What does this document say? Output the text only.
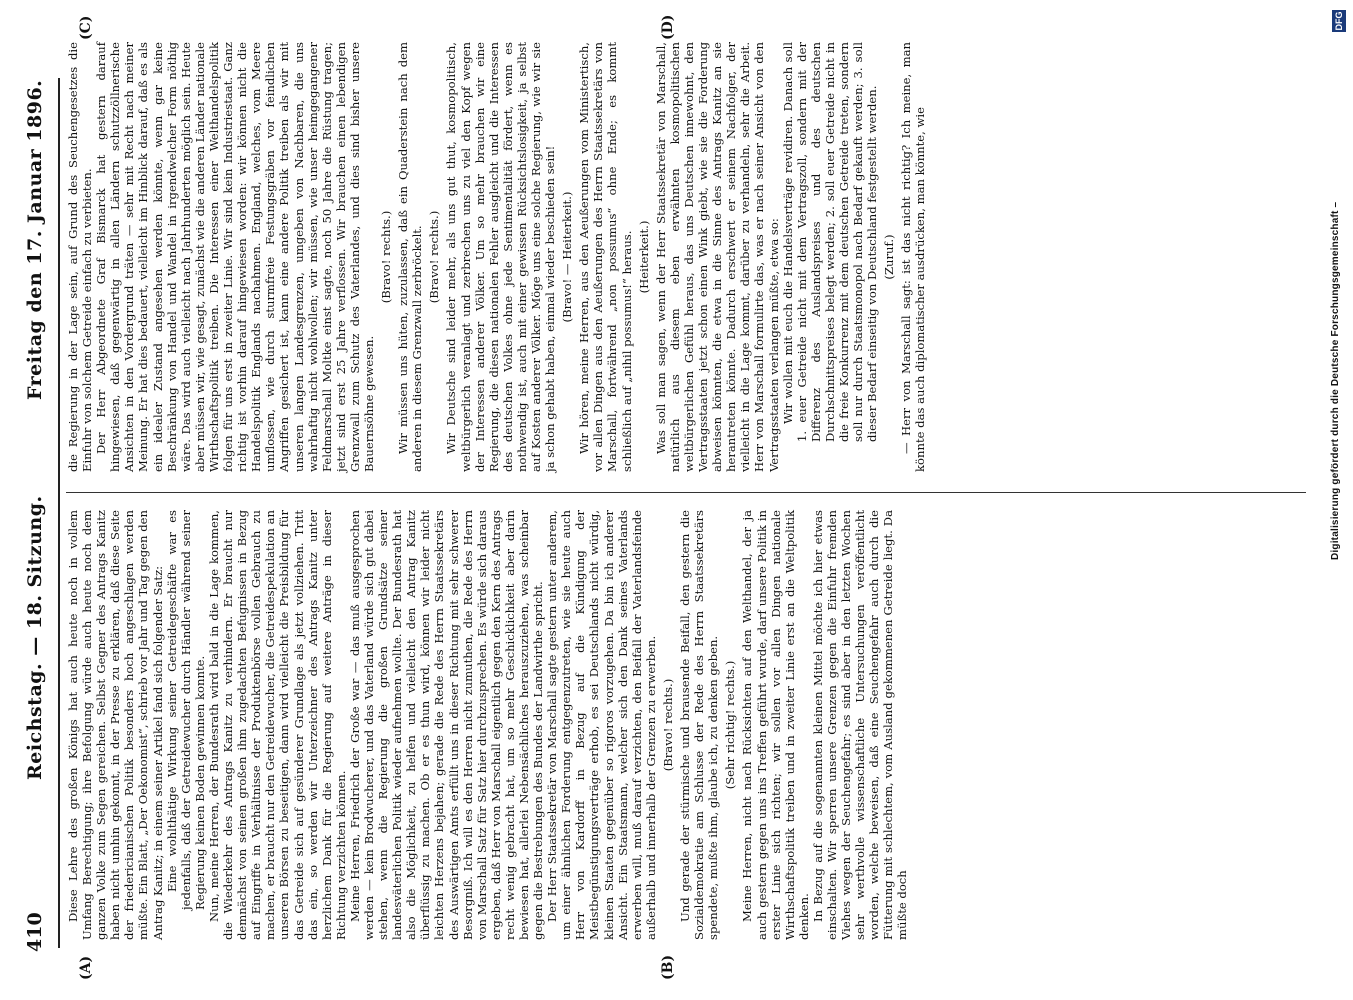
410
Reichstag. — 18. Sitzung.
Freitag den 17. Januar 1896.
(A)	(B)
(C)	(D)

Diese Lehre des großen Königs hat auch heute noch in vollem Umfang Berechtigung; ihre Befolgung würde auch heute noch dem ganzen Volke zum Segen gereichen. Selbst Gegner des Antrags Kanitz haben nicht umhin gekonnt, in der Presse zu erklären, daß diese Seite der friedericianischen Politik besonders hoch angeschlagen werden müßte. Ein Blatt, „Der Oekonomist“, schrieb vor Jahr und Tag gegen den Antrag Kanitz; in einem seiner Artikel fand sich folgender Satz: Eine wohlthätige Wirkung seiner Getreidegeschäfte war es jedenfalls, daß der Getreidewucher durch Händler während seiner Regierung keinen Boden gewinnen konnte. Nun, meine Herren, der Bundesrath wird bald in die Lage kommen, die Wiederkehr des Antrags Kanitz zu verhindern. Er braucht nur demnächst von seinen großen ihm zugedachten Befugnissen in Bezug auf Eingriffe in Verhältnisse der Produktenbörse vollen Gebrauch zu machen, er braucht nur den Getreidewucher, die Getreidespekulation an unseren Börsen zu beseitigen, dann wird vielleicht die Preisbildung für das Getreide sich auf gesünderer Grundlage als jetzt vollziehen. Tritt das ein, so werden wir Unterzeichner des Antrags Kanitz unter herzlichem Dank für die Regierung auf weitere Anträge in dieser Richtung verzichten können. Meine Herren, Friedrich der Große war — das muß ausgesprochen werden — kein Brodwucherer, und das Vaterland würde sich gut dabei stehen, wenn die Regierung die großen Grundsätze seiner landesväterlichen Politik wieder aufnehmen wollte. Der Bundesrath hat also die Möglichkeit, zu helfen und vielleicht den Antrag Kanitz überflüssig zu machen. Ob er es thun wird, können wir leider nicht leichten Herzens bejahen; gerade die Rede des Herrn Staatssekretärs des Auswärtigen Amts erfüllt uns in dieser Richtung mit sehr schwerer Besorgniß. Ich will es den Herren nicht zumuthen, die Rede des Herrn von Marschall Satz für Satz hier durchzusprechen. Es würde sich daraus ergeben, daß Herr von Marschall eigentlich gegen den Kern des Antrags recht wenig gebracht hat, um so mehr Geschicklichkeit aber darin bewiesen hat, allerlei Nebensächliches herauszuziehen, was scheinbar gegen die Bestrebungen des Bundes der Landwirthe spricht. Der Herr Staatssekretär von Marschall sagte gestern unter anderem, um einer ähnlichen Forderung entgegenzutreten, wie sie heute auch Herr von Kardorff in Bezug auf die Kündigung der Meistbegünstigungsverträge erhob, es sei Deutschlands nicht würdig, kleinen Staaten gegenüber so rigoros vorzugehen. Da bin ich anderer Ansicht. Ein Staatsmann, welcher sich den Dank seines Vaterlands erwerben will, muß darauf verzichten, den Beifall der Vaterlandsfeinde außerhalb und innerhalb der Grenzen zu erwerben. (Bravo! rechts.) Und gerade der stürmische und brausende Beifall, den gestern die Sozialdemokratie am Schlusse der Rede des Herrn Staatssekretärs spendete, mußte ihm, glaube ich, zu denken geben. (Sehr richtig! rechts.) Meine Herren, nicht nach Rücksichten auf den Welthandel, der ja auch gestern gegen uns ins Treffen geführt wurde, darf unsere Politik in erster Linie sich richten; wir sollen vor allen Dingen nationale Wirthschaftspolitik treiben und in zweiter Linie erst an die Weltpolitik denken. In Bezug auf die sogenannten kleinen Mittel möchte ich hier etwas einschalten. Wir sperren unsere Grenzen gegen die Einfuhr fremden Viehes wegen der Seuchengefahr; es sind aber in den letzten Wochen sehr werthvolle wissenschaftliche Untersuchungen veröffentlicht worden, welche beweisen, daß eine Seuchengefahr auch durch die Fütterung mit schlechtem, vom Ausland gekommenen Getreide liegt. Da müßte doch

die Regierung in der Lage sein, auf Grund des Seuchengesetzes die Einfuhr von solchem Getreide einfach zu verbieten. Der Herr Abgeordnete Graf Bismarck hat gestern darauf hingewiesen, daß gegenwärtig in allen Ländern schutzzöllnerische Ansichten in den Vordergrund träten — sehr mit Recht nach meiner Meinung. Er hat dies bedauert, vielleicht im Hinblick darauf, daß es als ein idealer Zustand angesehen werden könnte, wenn gar keine Beschränkung von Handel und Wandel in irgendwelcher Form nöthig wäre. Das wird auch vielleicht nach Jahrhunderten möglich sein. Heute aber müssen wir, wie gesagt, zunächst wie die anderen Länder nationale Wirthschaftspolitik treiben. Die Interessen einer Welthandelspolitik folgen für uns erst in zweiter Linie. Wir sind kein Industriestaat. Ganz richtig ist vorhin darauf hingewiesen worden: wir können nicht die Handelspolitik Englands nachahmen. England, welches, vom Meere umflossen, wie durch sturmfreie Festungsgräben vor feindlichen Angriffen gesichert ist, kann eine andere Politik treiben als wir mit unseren langen Landesgrenzen, umgeben von Nachbaren, die uns wahrhaftig nicht wohlwollen; wir müssen, wie unser heimgegangener Feldmarschall Moltke einst sagte, noch 50 Jahre die Rüstung tragen; jetzt sind erst 25 Jahre verflossen. Wir brauchen einen lebendigen Grenzwall zum Schutz des Vaterlandes, und dies sind bisher unsere Bauernsöhne gewesen.

(Bravo! rechts.) Wir müssen uns hüten, zuzulassen, daß ein Quaderstein nach dem anderen in diesem Grenzwall zerbröckelt. (Bravo! rechts.) Wir Deutsche sind leider mehr, als uns gut thut, kosmopolitisch, weltbürgerlich veranlagt und zerbrechen uns zu viel den Kopf wegen der Interessen anderer Völker. Um so mehr brauchen wir eine Regierung, die diesen nationalen Fehler ausgleicht und die Interessen des deutschen Volkes ohne jede Sentimentalität fördert, wenn es nothwendig ist, auch mit einer gewissen Rücksichtslosigkeit, ja selbst auf Kosten anderer Völker. Möge uns eine solche Regierung, wie wir sie ja schon gehabt haben, einmal wieder beschieden sein! (Bravo! — Heiterkeit.) Wir hören, meine Herren, aus den Aeußerungen vom Ministertisch, vor allen Dingen aus den Aeußerungen des Herrn Staatssekretärs von Marschall, fortwährend „non possumus“ ohne Ende; es kommt schließlich auf „nihil possumus!“ heraus. (Heiterkeit.) Was soll man sagen, wenn der Herr Staatssekretär von Marschall, natürlich aus diesem eben erwähnten kosmopolitischen weltbürgerlichen Gefühl heraus, das uns Deutschen innewohnt, den Vertragsstaaten jetzt schon einen Wink giebt, wie sie die Forderung abweisen könnten, die etwa in die Sinne des Antrags Kanitz an sie herantreten könnte. Dadurch erschwert er seinem Nachfolger, der vielleicht in die Lage kommt, darüber zu verhandeln, sehr die Arbeit. Herr von Marschall formulirte das, was er nach seiner Ansicht von den Vertragsstaaten verlangen müßte, etwa so: Wir wollen mit euch die Handelsverträge revidiren. Danach soll 1. euer Getreide nicht mit dem Vertragszoll, sondern mit der Differenz des Auslandspreises und des deutschen Durchschnittspreises belegt werden; 2. soll euer Getreide nicht in die freie Konkurrenz mit dem deutschen Getreide treten, sondern soll nur durch Staatsmonopol nach Bedarf gekauft werden; 3. soll dieser Bedarf einseitig von Deutschland festgestellt werden. (Zuruf.) — Herr von Marschall sagt: ist das nicht richtig? Ich meine, man könnte das auch diplomatischer ausdrücken, man könnte, wie	Digitalisierung gefördert durch die Deutsche Forschungsgemeinschaft –
DFG
